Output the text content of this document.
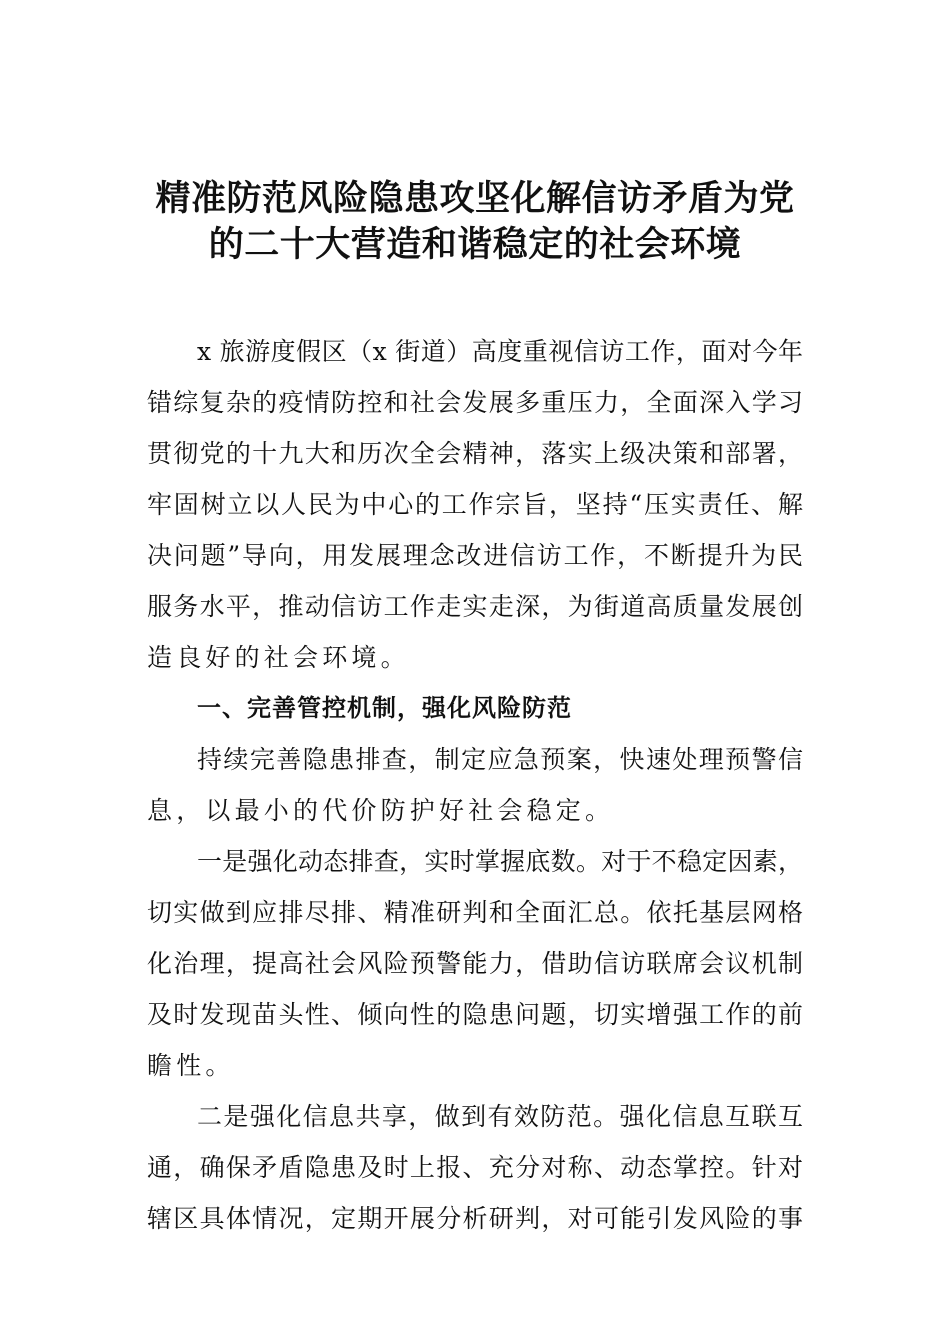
精准防范风险隐患攻坚化解信访矛盾为党
的二十大营造和谐稳定的社会环境
x 旅游度假区（x 街道）高度重视信访工作，面对今年
错综复杂的疫情防控和社会发展多重压力，全面深入学习
贯彻党的十九大和历次全会精神，落实上级决策和部署，
牢固树立以人民为中心的工作宗旨，坚持“压实责任、解
决问题”导向，用发展理念改进信访工作，不断提升为民
服务水平，推动信访工作走实走深，为街道高质量发展创
造良好的社会环境。
一、完善管控机制，强化风险防范
持续完善隐患排查，制定应急预案，快速处理预警信
息，以最小的代价防护好社会稳定。
一是强化动态排查，实时掌握底数。对于不稳定因素，
切实做到应排尽排、精准研判和全面汇总。依托基层网格
化治理，提高社会风险预警能力，借助信访联席会议机制
及时发现苗头性、倾向性的隐患问题，切实增强工作的前
瞻性。
二是强化信息共享，做到有效防范。强化信息互联互
通，确保矛盾隐患及时上报、充分对称、动态掌控。针对
辖区具体情况，定期开展分析研判，对可能引发风险的事
